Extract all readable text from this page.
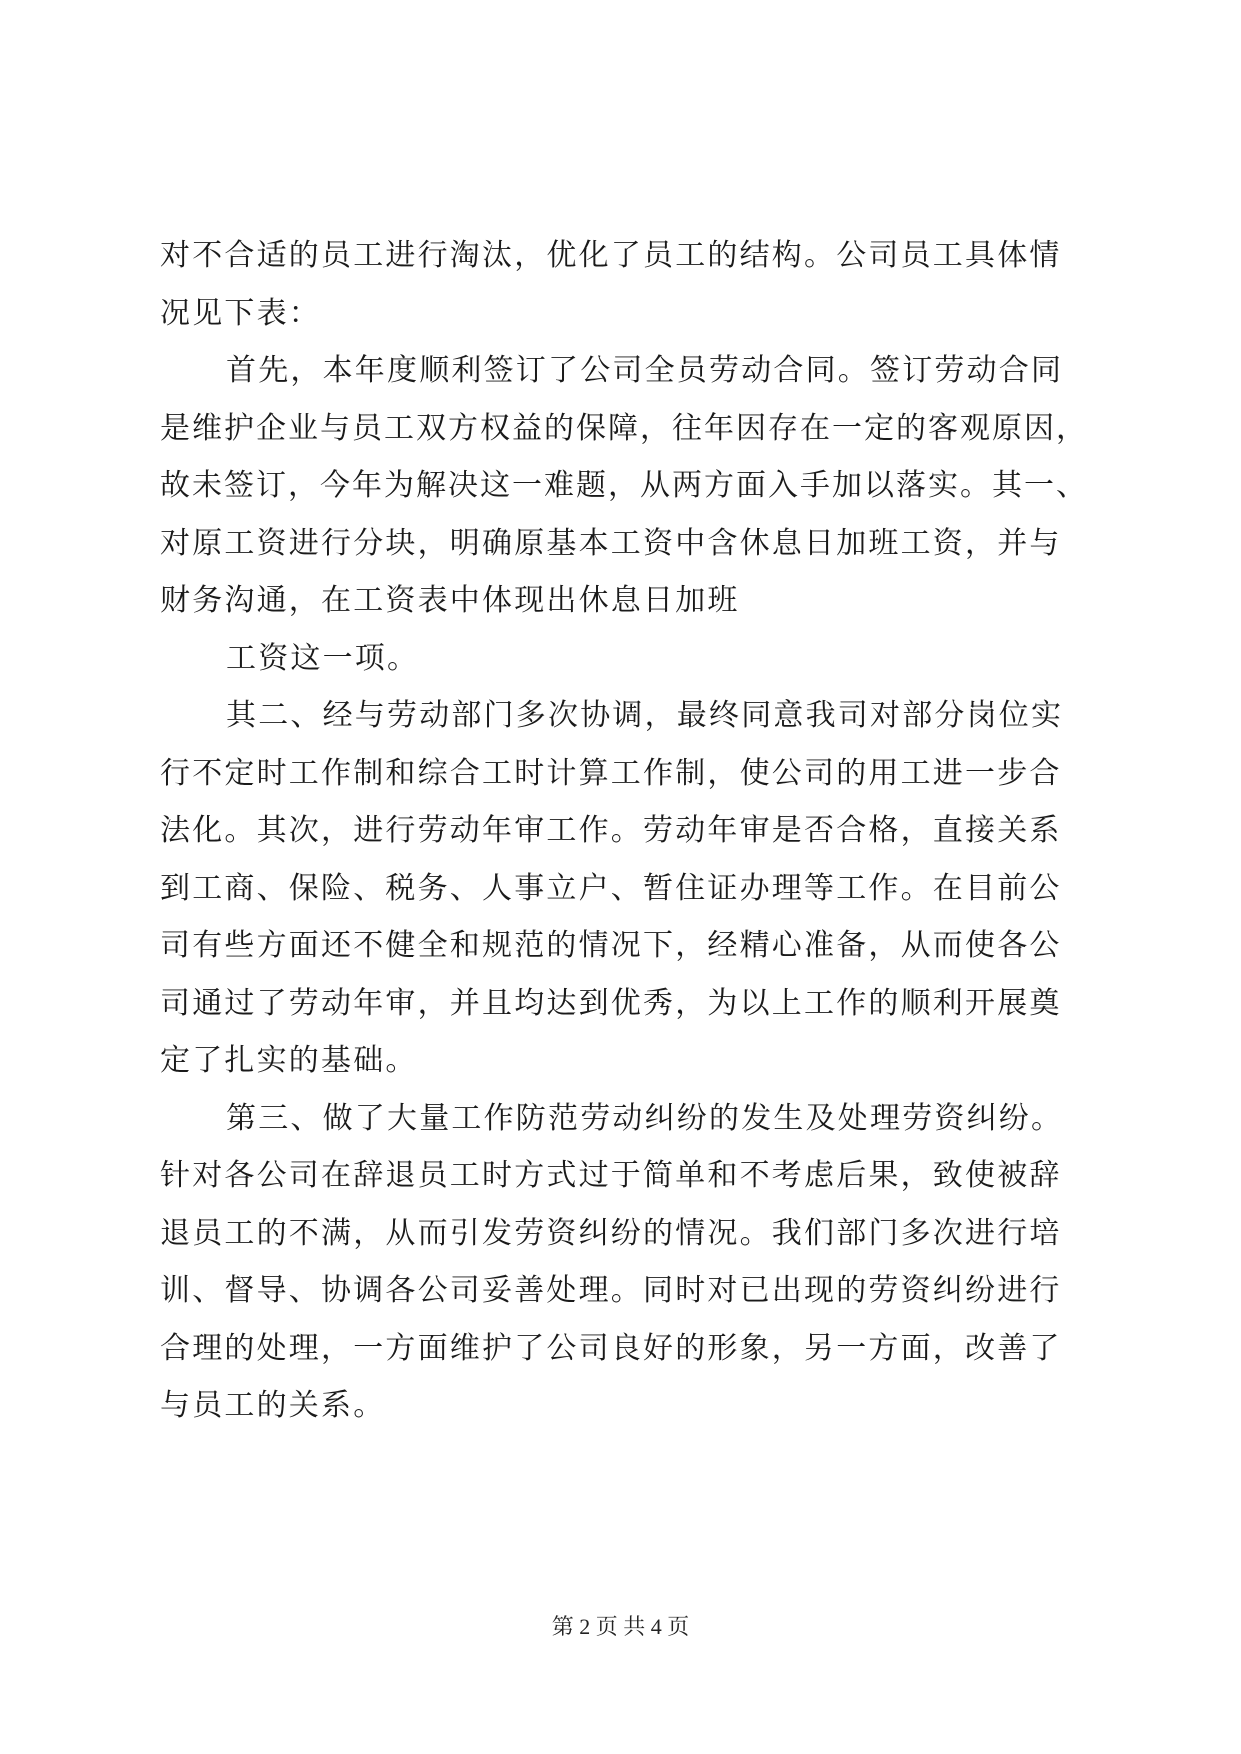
对不合适的员工进行淘汰，优化了员工的结构。公司员工具体情
况见下表：
首先，本年度顺利签订了公司全员劳动合同。签订劳动合同
是维护企业与员工双方权益的保障，往年因存在一定的客观原因，
故未签订，今年为解决这一难题，从两方面入手加以落实。其一、
对原工资进行分块，明确原基本工资中含休息日加班工资，并与
财务沟通，在工资表中体现出休息日加班
工资这一项。
其二、经与劳动部门多次协调，最终同意我司对部分岗位实
行不定时工作制和综合工时计算工作制，使公司的用工进一步合
法化。其次，进行劳动年审工作。劳动年审是否合格，直接关系
到工商、保险、税务、人事立户、暂住证办理等工作。在目前公
司有些方面还不健全和规范的情况下，经精心准备，从而使各公
司通过了劳动年审，并且均达到优秀，为以上工作的顺利开展奠
定了扎实的基础。
第三、做了大量工作防范劳动纠纷的发生及处理劳资纠纷。
针对各公司在辞退员工时方式过于简单和不考虑后果，致使被辞
退员工的不满，从而引发劳资纠纷的情况。我们部门多次进行培
训、督导、协调各公司妥善处理。同时对已出现的劳资纠纷进行
合理的处理，一方面维护了公司良好的形象，另一方面，改善了
与员工的关系。
第 2 页 共 4 页
